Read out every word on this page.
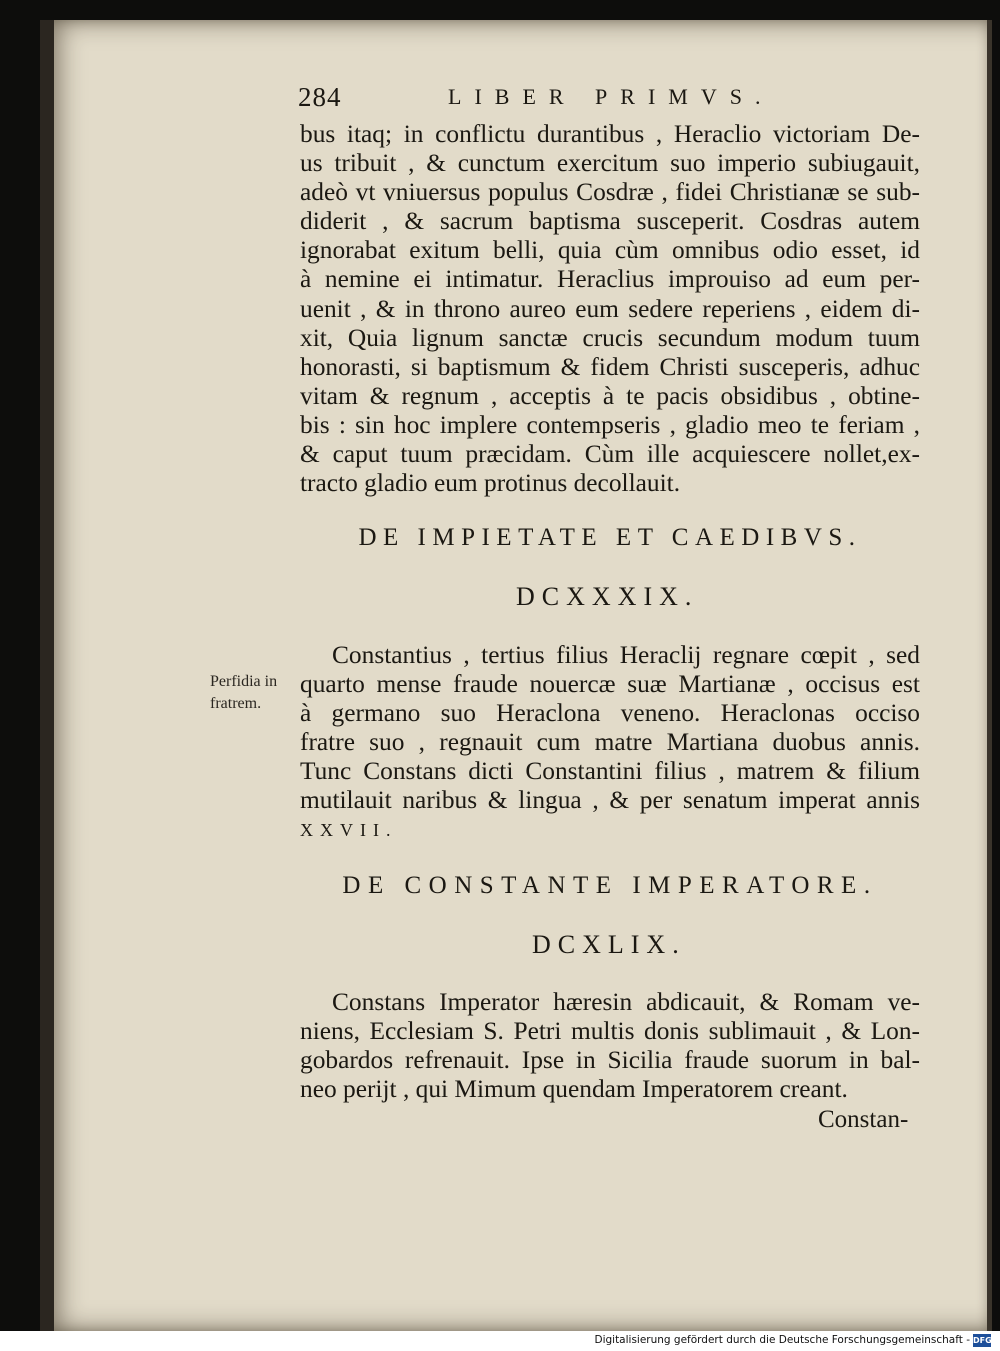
284	LIBER PRIMVS.
bus itaq; in conflictu durantibus , Heraclio victoriam De-
us tribuit , & cunctum exercitum suo imperio subiugauit,
adeò vt vniuersus populus Cosdræ , fidei Christianæ se sub-
diderit , & sacrum baptisma susceperit. Cosdras autem
ignorabat exitum belli, quia cùm omnibus odio esset, id
à nemine ei intimatur. Heraclius improuiso ad eum per-
uenit , & in throno aureo eum sedere reperiens , eidem di-
xit, Quia lignum sanctæ crucis secundum modum tuum
honorasti, si baptismum & fidem Christi susceperis, adhuc
vitam & regnum , acceptis à te pacis obsidibus , obtine-
bis : sin hoc implere contempseris , gladio meo te feriam ,
& caput tuum præcidam. Cùm ille acquiescere nollet,ex-
tracto gladio eum protinus decollauit.
DE IMPIETATE ET CAEDIBVS.
DCXXXIX.
Perfidia in
fratrem.
Constantius , tertius filius Heraclij regnare cœpit , sed
quarto mense fraude nouercæ suæ Martianæ , occisus est
à germano suo Heraclona veneno. Heraclonas occiso
fratre suo , regnauit cum matre Martiana duobus annis.
Tunc Constans dicti Constantini filius , matrem & filium
mutilauit naribus & lingua , & per senatum imperat annis
XXVII.
DE CONSTANTE IMPERATORE.
DCXLIX.
Constans Imperator hæresin abdicauit, & Romam ve-
niens, Ecclesiam S. Petri multis donis sublimauit , & Lon-
gobardos refrenauit. Ipse in Sicilia fraude suorum in bal-
neo perijt , qui Mimum quendam Imperatorem creant.
Constan-
Digitalisierung gefördert durch die Deutsche Forschungsgemeinschaft - DFG
